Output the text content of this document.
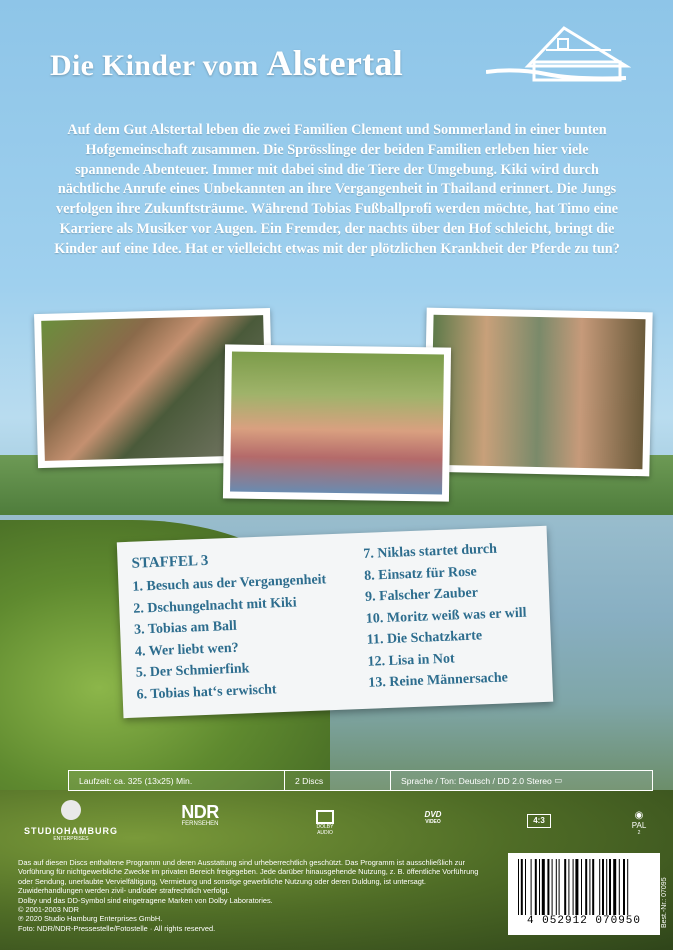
Die Kinder vom Alstertal
Auf dem Gut Alstertal leben die zwei Familien Clement und Sommerland in einer bunten Hofgemeinschaft zusammen. Die Sprösslinge der beiden Familien erleben hier viele spannende Abenteuer. Immer mit dabei sind die Tiere der Umgebung. Kiki wird durch nächtliche Anrufe eines Unbekannten an ihre Vergangenheit in Thailand erinnert. Die Jungs verfolgen ihre Zukunftsträume. Während Tobias Fußballprofi werden möchte, hat Timo eine Karriere als Musiker vor Augen. Ein Fremder, der nachts über den Hof schleicht, bringt die Kinder auf eine Idee. Hat er vielleicht etwas mit der plötzlichen Krankheit der Pferde zu tun?
STAFFEL 3
1. Besuch aus der Vergangenheit
2. Dschungelnacht mit Kiki
3. Tobias am Ball
4. Wer liebt wen?
5. Der Schmierfink
6. Tobias hat‘s erwischt
7. Niklas startet durch
8. Einsatz für Rose
9. Falscher Zauber
10. Moritz weiß was er will
11. Die Schatzkarte
12. Lisa in Not
13. Reine Männersache
Laufzeit: ca. 325 (13x25) Min.	2 Discs	Sprache / Ton: Deutsch / DD 2.0 Stereo
▭
STUDIOHAMBURG
ENTERPRISES
NDR
FERNSEHEN	DOLBY AUDIO
DVD
VIDEO	4:3	◉
PAL
2
Das auf diesen Discs enthaltene Programm und deren Ausstattung sind urheberrechtlich geschützt. Das Programm ist ausschließlich zur Vorführung für nichtgewerbliche Zwecke im privaten Bereich freigegeben. Jede darüber hinausgehende Nutzung, z. B. öffentliche Vorführung oder Sendung, unerlaubte Vervielfältigung, Vermietung und sonstige gewerbliche Nutzung oder deren Duldung, ist untersagt. Zuwiderhandlungen werden zivil- und/oder strafrechtlich verfolgt.
Dolby und das DD-Symbol sind eingetragene Marken von Dolby Laboratories.
© 2001-2003 NDR
℗ 2020 Studio Hamburg Enterprises GmbH.
Foto: NDR/NDR-Pressestelle/Fotostelle · All rights reserved.
4 052912 070950	Best.-Nr.: 07095
